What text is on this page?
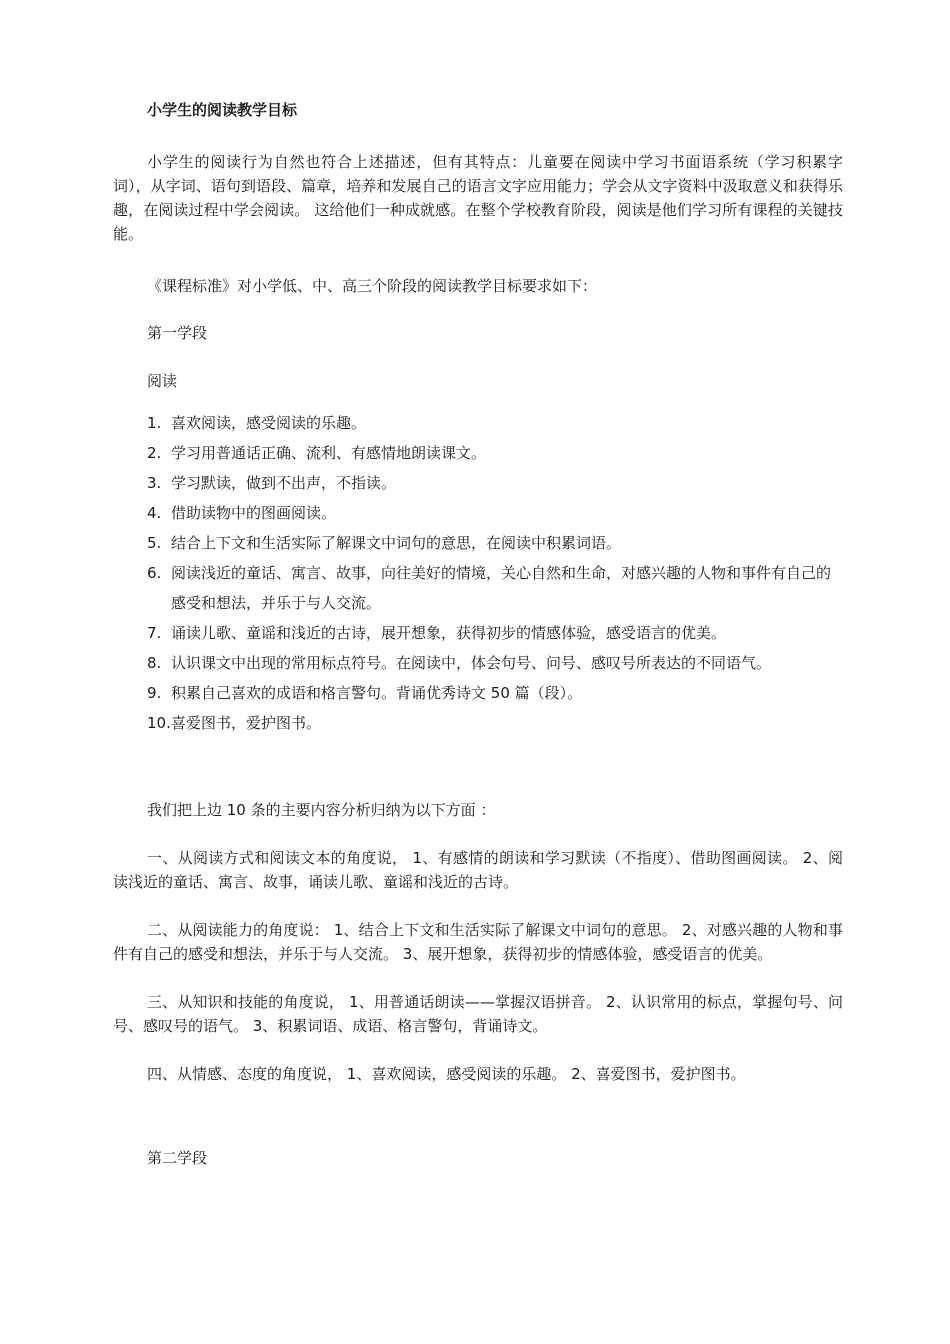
小学生的阅读教学目标

小学生的阅读行为自然也符合上述描述，但有其特点：儿童要在阅读中学习书面语系统（学习积累字词），从字词、语句到语段、篇章，培养和发展自己的语言文字应用能力；学会从文字资料中汲取意义和获得乐趣，在阅读过程中学会阅读。 这给他们一种成就感。在整个学校教育阶段，阅读是他们学习所有课程的关键技能。

《课程标准》对小学低、中、高三个阶段的阅读教学目标要求如下：

第一学段

阅读

1. 喜欢阅读，感受阅读的乐趣。
2. 学习用普通话正确、流利、有感情地朗读课文。
3. 学习默读，做到不出声，不指读。
4. 借助读物中的图画阅读。
5. 结合上下文和生活实际了解课文中词句的意思，在阅读中积累词语。
6. 阅读浅近的童话、寓言、故事，向往美好的情境，关心自然和生命，对感兴趣的人物和事件有自己的感受和想法，并乐于与人交流。
7. 诵读儿歌、童谣和浅近的古诗，展开想象，获得初步的情感体验，感受语言的优美。
8. 认识课文中出现的常用标点符号。在阅读中，体会句号、问号、感叹号所表达的不同语气。
9. 积累自己喜欢的成语和格言警句。背诵优秀诗文 50 篇（段）。
10. 喜爱图书，爱护图书。

我们把上边 10 条的主要内容分析归纳为以下方面 ：

一、从阅读方式和阅读文本的角度说， 1、有感情的朗读和学习默读（不指度）、借助图画阅读。 2、阅读浅近的童话、寓言、故事，诵读儿歌、童谣和浅近的古诗。

二、从阅读能力的角度说： 1、结合上下文和生活实际了解课文中词句的意思。 2、对感兴趣的人物和事件有自己的感受和想法，并乐于与人交流。 3、展开想象，获得初步的情感体验，感受语言的优美。

三、从知识和技能的角度说， 1、用普通话朗读——掌握汉语拼音。 2、认识常用的标点，掌握句号、问号、感叹号的语气。 3、积累词语、成语、格言警句，背诵诗文。

四、从情感、态度的角度说， 1、喜欢阅读，感受阅读的乐趣。 2、喜爱图书，爱护图书。

第二学段
